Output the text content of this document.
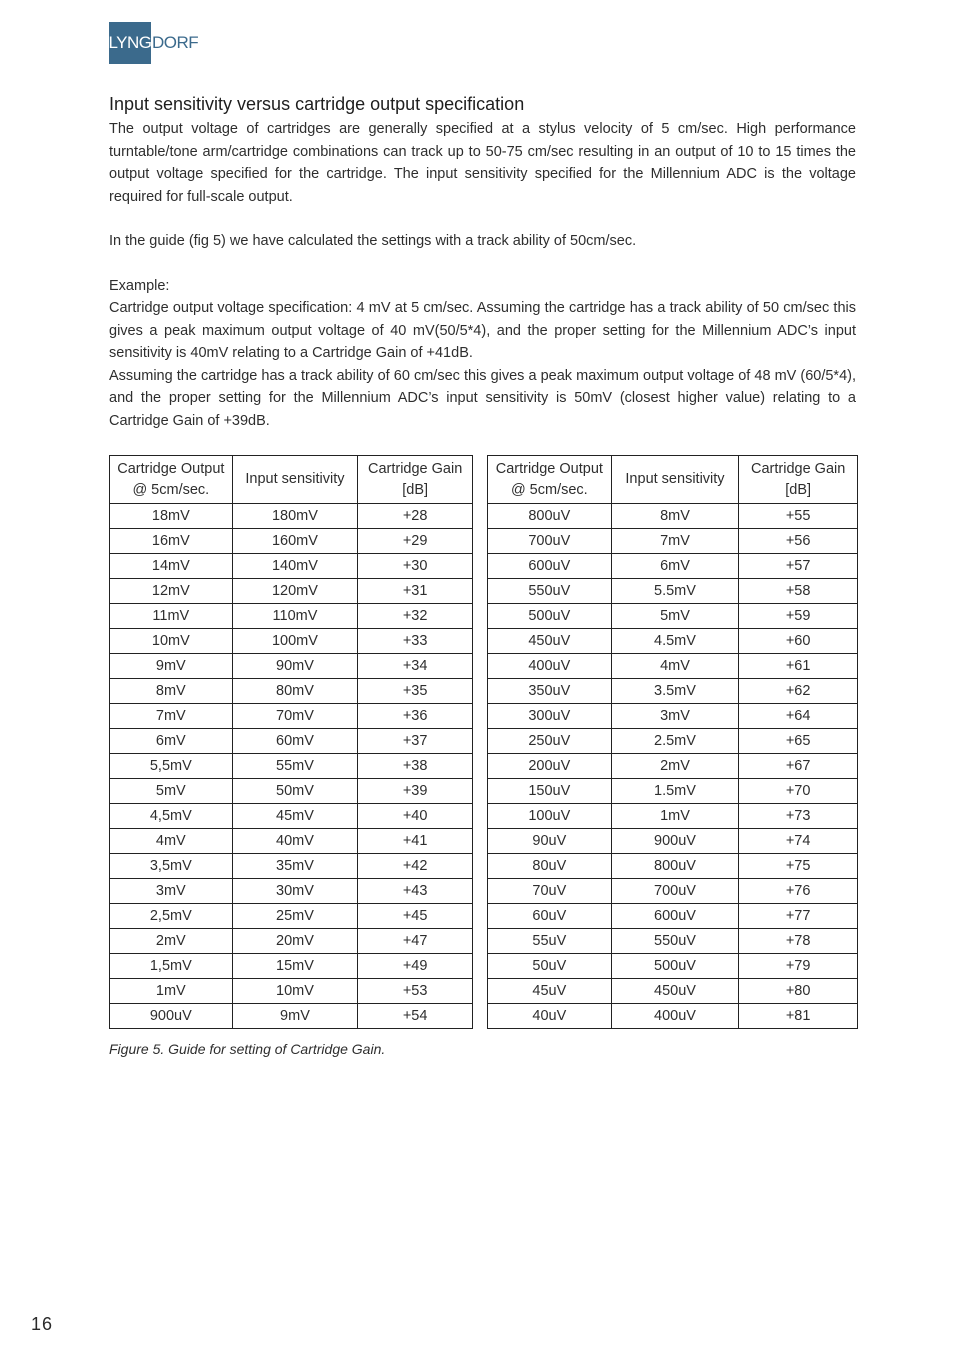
LYNG DORF
Input sensitivity versus cartridge output specification

The output voltage of cartridges are generally specified at a stylus velocity of 5 cm/sec. High performance turntable/tone arm/cartridge combinations can track up to 50-75 cm/sec resulting in an output of 10 to 15 times the output voltage specified for the cartridge. The input sensitivity specified for the Millennium ADC is the voltage required for full-scale output.

In the guide (fig 5) we have calculated the settings with a track ability of 50cm/sec.

Example:

Cartridge output voltage specification: 4 mV at 5 cm/sec. Assuming the cartridge has a track ability of 50 cm/sec this gives a peak maximum output voltage of 40 mV(50/5*4), and the proper setting for the Millennium ADC’s input sensitivity is 40mV relating to a Cartridge Gain of +41dB.

Assuming the cartridge has a track ability of 60 cm/sec this gives a peak maximum output voltage of 48 mV (60/5*4), and the proper setting for the Millennium ADC’s input sensitivity is 50mV (closest higher value) relating to a Cartridge Gain of +39dB.

Cartridge Output @ 5cm/sec.	Input sensitivity	Cartridge Gain [dB]
18mV	180mV	+28
16mV	160mV	+29
14mV	140mV	+30
12mV	120mV	+31
11mV	110mV	+32
10mV	100mV	+33
9mV	90mV	+34
8mV	80mV	+35
7mV	70mV	+36
6mV	60mV	+37
5,5mV	55mV	+38
5mV	50mV	+39
4,5mV	45mV	+40
4mV	40mV	+41
3,5mV	35mV	+42
3mV	30mV	+43
2,5mV	25mV	+45
2mV	20mV	+47
1,5mV	15mV	+49
1mV	10mV	+53
900uV	9mV	+54
Cartridge Output @ 5cm/sec.	Input sensitivity	Cartridge Gain [dB]
800uV	8mV	+55
700uV	7mV	+56
600uV	6mV	+57
550uV	5.5mV	+58
500uV	5mV	+59
450uV	4.5mV	+60
400uV	4mV	+61
350uV	3.5mV	+62
300uV	3mV	+64
250uV	2.5mV	+65
200uV	2mV	+67
150uV	1.5mV	+70
100uV	1mV	+73
90uV	900uV	+74
80uV	800uV	+75
70uV	700uV	+76
60uV	600uV	+77
55uV	550uV	+78
50uV	500uV	+79
45uV	450uV	+80
40uV	400uV	+81
Figure 5. Guide for setting of Cartridge Gain.
16
